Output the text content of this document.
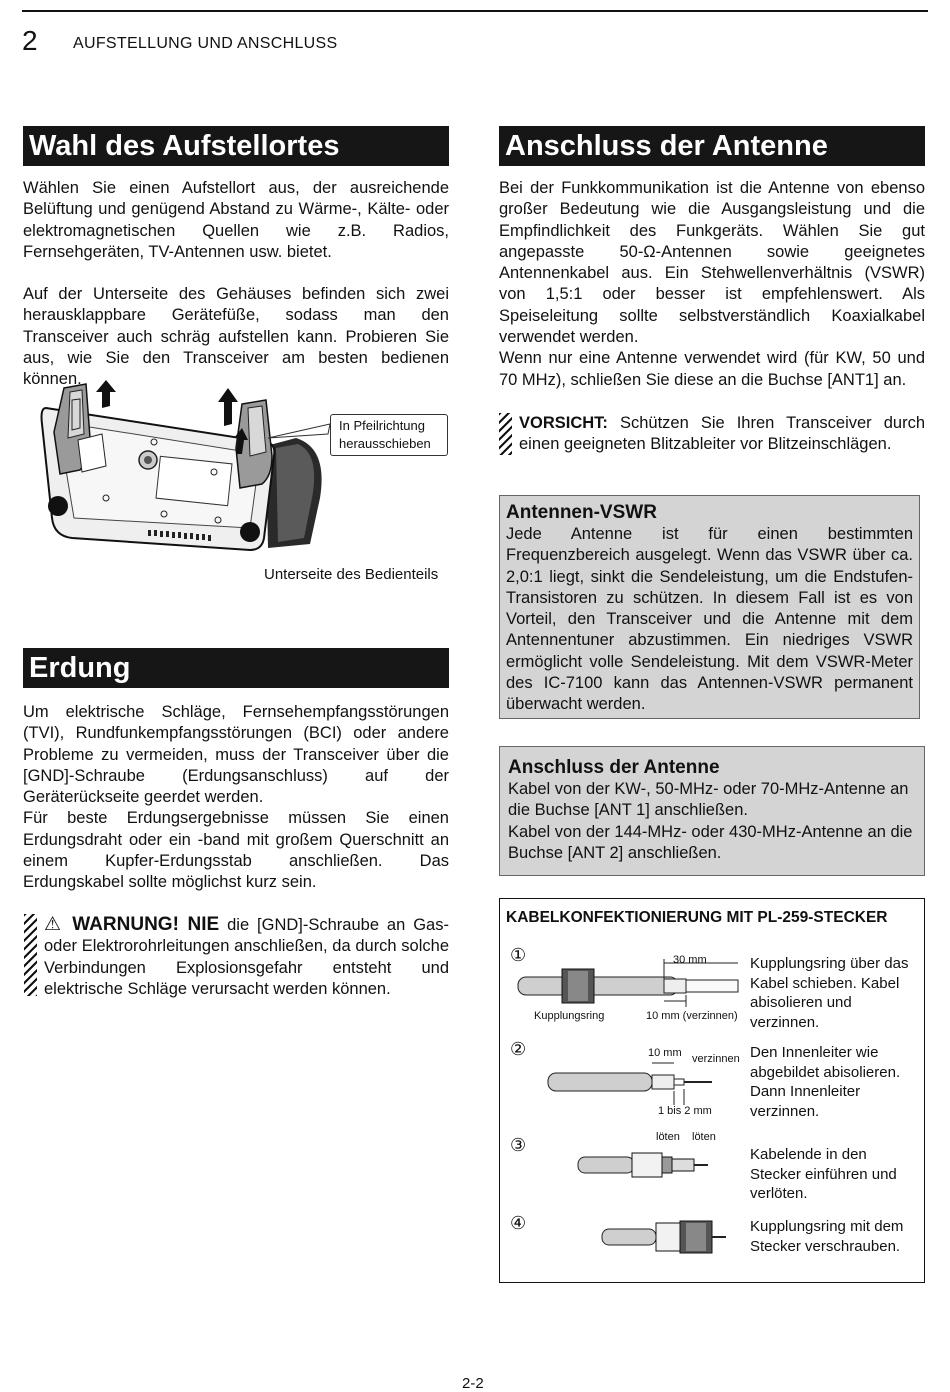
2 AUFSTELLUNG UND ANSCHLUSS
Wahl des Aufstellortes

Wählen Sie einen Aufstellort aus, der ausreichende Belüftung und genügend Abstand zu Wärme-, Kälte- oder elektromagnetischen Quellen wie z.B. Radios, Fernsehgeräten, TV-Antennen usw. bietet.

Auf der Unterseite des Gehäuses befinden sich zwei herausklappbare Gerätefüße, sodass man den Transceiver auch schräg aufstellen kann. Probieren Sie aus, wie Sie den Transceiver am besten bedienen können.

In Pfeilrichtung
herausschieben
Unterseite des Bedienteils
Erdung

Um elektrische Schläge, Fernsehempfangsstörungen (TVI), Rundfunkempfangsstörungen (BCI) oder andere Probleme zu vermeiden, muss der Transceiver über die [GND]-Schraube (Erdungsanschluss) auf der Geräterückseite geerdet werden.

Für beste Erdungsergebnisse müssen Sie einen Erdungsdraht oder ein -band mit großem Querschnitt an einem Kupfer-Erdungsstab anschließen. Das Erdungskabel sollte möglichst kurz sein.

⚠ WARNUNG! NIE die [GND]-Schraube an Gas- oder Elektrorohrleitungen anschließen, da durch solche Verbindungen Explosionsgefahr entsteht und elektrische Schläge verursacht werden können.
Anschluss der Antenne

Bei der Funkkommunikation ist die Antenne von ebenso großer Bedeutung wie die Ausgangsleistung und die Empfindlichkeit des Funkgeräts. Wählen Sie gut angepasste 50-Ω-Antennen sowie geeignetes Antennenkabel aus. Ein Stehwellenverhältnis (VSWR) von 1,5:1 oder besser ist empfehlenswert. Als Speiseleitung sollte selbstverständlich Koaxialkabel verwendet werden.

Wenn nur eine Antenne verwendet wird (für KW, 50 und 70 MHz), schließen Sie diese an die Buchse [ANT1] an.

VORSICHT: Schützen Sie Ihren Transceiver durch einen geeigneten Blitzableiter vor Blitzeinschlägen.
Antennen-VSWR
Jede Antenne ist für einen bestimmten Frequenzbereich ausgelegt. Wenn das VSWR über ca. 2,0:1 liegt, sinkt die Sendeleistung, um die Endstufen-Transistoren zu schützen. In diesem Fall ist es von Vorteil, den Transceiver und die Antenne mit dem Antennentuner abzustimmen. Ein niedriges VSWR ermöglicht volle Sendeleistung. Mit dem VSWR-Meter des IC-7100 kann das Antennen-VSWR permanent überwacht werden.
Anschluss der Antenne
Kabel von der KW-, 50-MHz- oder 70-MHz-Antenne an die Buchse [ANT 1] anschließen.
Kabel von der 144-MHz- oder 430-MHz-Antenne an die Buchse [ANT 2] anschließen.
KABELKONFEKTIONIERUNG MIT PL-259-STECKER
①
②
③
④
Kupplungsring über das Kabel schieben. Kabel abisolieren und verzinnen.
Den Innenleiter wie abgebildet abisolieren. Dann Innenleiter verzinnen.
Kabelende in den Stecker einführen und verlöten.
Kupplungsring mit dem Stecker verschrauben.
30 mm
Kupplungsring	10 mm (verzinnen)
10 mm verzinnen
1 bis 2 mm
löten löten
2-2
